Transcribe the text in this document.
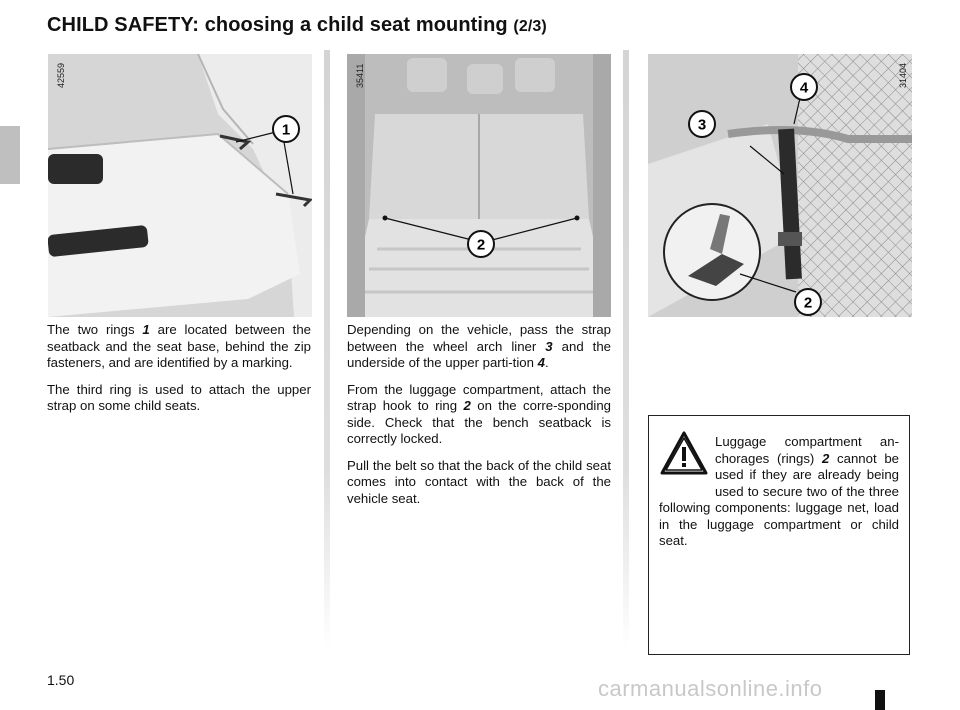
CHILD SAFETY: choosing a child seat mounting (2/3)
1
42559
2
35411	4
3
2
31404

The two rings 1 are located between the seatback and the seat base, behind the zip fasteners, and are identified by a marking.

The third ring is used to attach the upper strap on some child seats.

Depending on the vehicle, pass the strap between the wheel arch liner 3 and the underside of the upper parti-tion 4.

From the luggage compartment, attach the strap hook to ring 2 on the corre-sponding side. Check that the bench seatback is correctly locked.

Pull the belt so that the back of the child seat comes into contact with the back of the vehicle seat.

Luggage compartment an-chorages (rings) 2 cannot be used if they are already being used to secure two of the three following components: luggage net, load in the luggage compartment or child seat.
1.50	carmanualsonline.info
